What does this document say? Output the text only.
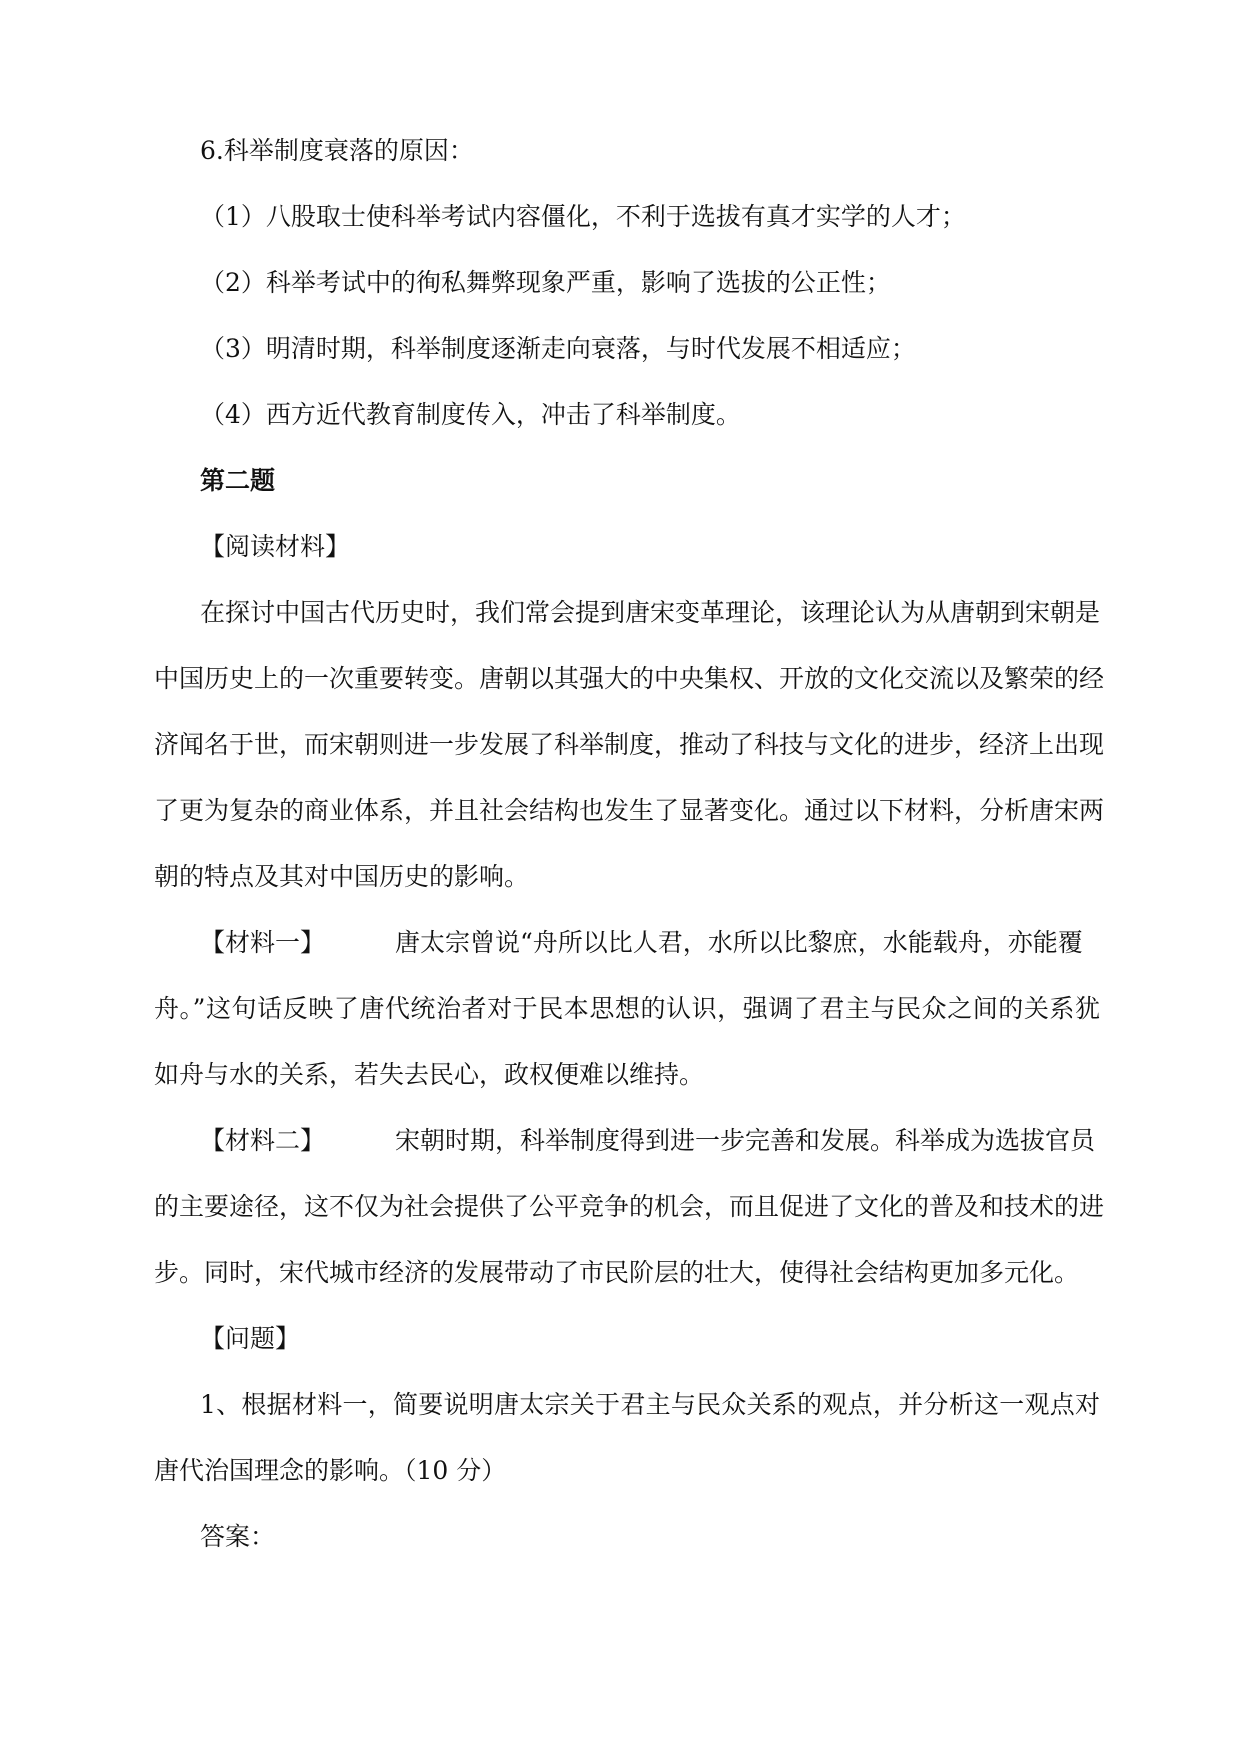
6.科举制度衰落的原因：
（1）八股取士使科举考试内容僵化，不利于选拔有真才实学的人才；
（2）科举考试中的徇私舞弊现象严重，影响了选拔的公正性；
（3）明清时期，科举制度逐渐走向衰落，与时代发展不相适应；
（4）西方近代教育制度传入，冲击了科举制度。
第二题
【阅读材料】
在探讨中国古代历史时，我们常会提到唐宋变革理论，该理论认为从唐朝到宋朝是
中国历史上的一次重要转变。唐朝以其强大的中央集权、开放的文化交流以及繁荣的经
济闻名于世，而宋朝则进一步发展了科举制度，推动了科技与文化的进步，经济上出现
了更为复杂的商业体系，并且社会结构也发生了显著变化。通过以下材料，分析唐宋两
朝的特点及其对中国历史的影响。
【材料一】	唐太宗曾说“舟所以比人君，水所以比黎庶，水能载舟，亦能覆
舟。”这句话反映了唐代统治者对于民本思想的认识，强调了君主与民众之间的关系犹
如舟与水的关系，若失去民心，政权便难以维持。
【材料二】	宋朝时期，科举制度得到进一步完善和发展。科举成为选拔官员
的主要途径，这不仅为社会提供了公平竞争的机会，而且促进了文化的普及和技术的进
步。同时，宋代城市经济的发展带动了市民阶层的壮大，使得社会结构更加多元化。
【问题】
1、根据材料一，简要说明唐太宗关于君主与民众关系的观点，并分析这一观点对
唐代治国理念的影响。（10 分）
答案：
